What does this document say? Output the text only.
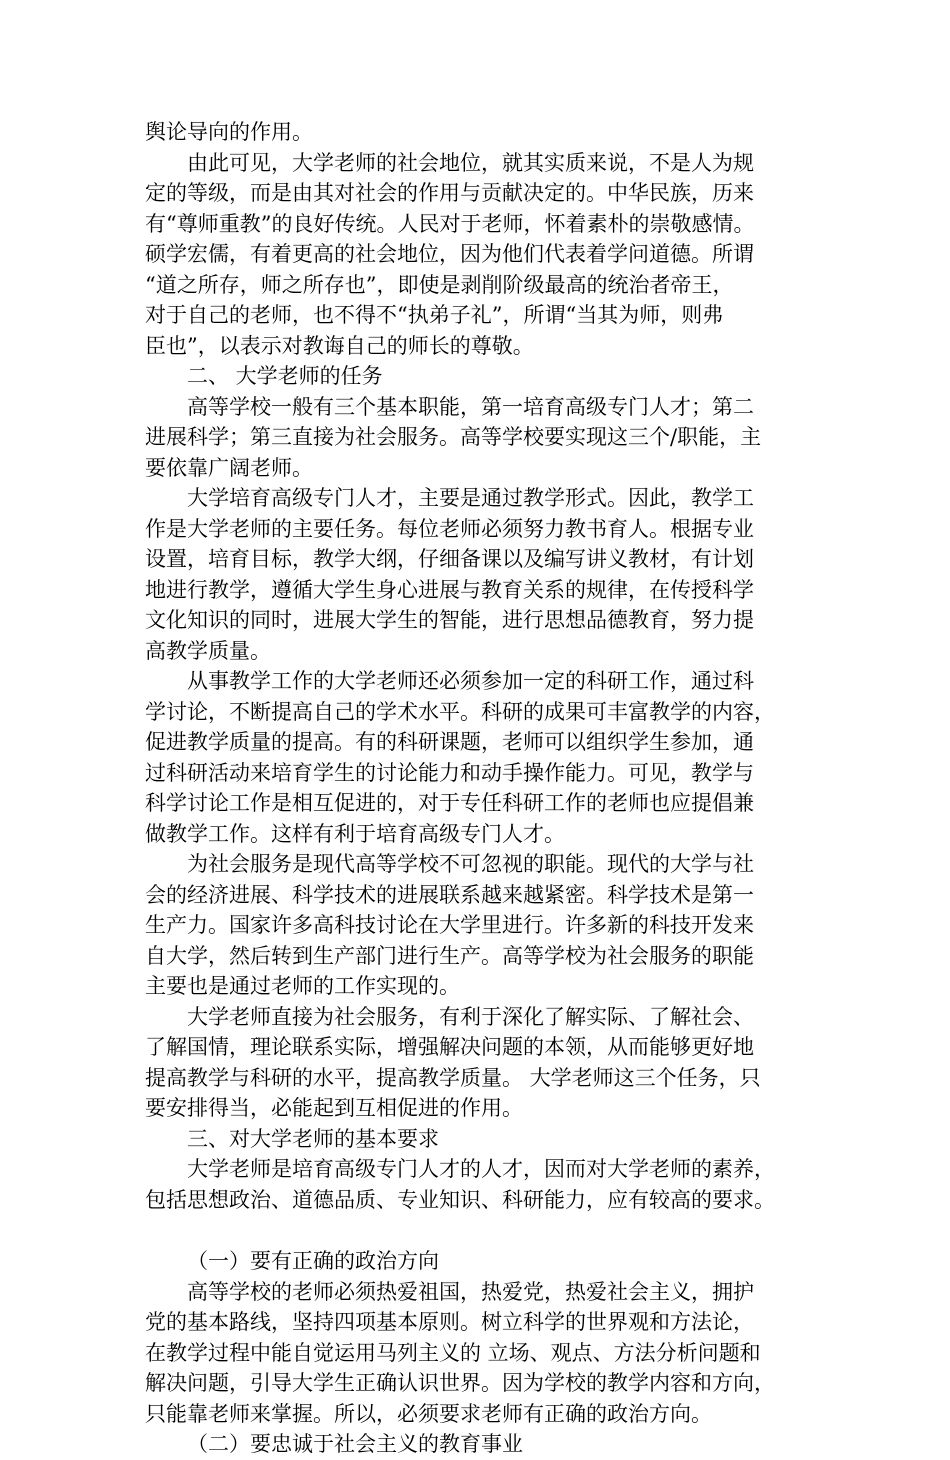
舆论导向的作用。
由此可见，大学老师的社会地位，就其实质来说，不是人为规
定的等级，而是由其对社会的作用与贡献决定的。中华民族，历来
有“尊师重教”的良好传统。人民对于老师，怀着素朴的崇敬感情。
硕学宏儒，有着更高的社会地位，因为他们代表着学问道德。所谓
“道之所存，师之所存也”，即使是剥削阶级最高的统治者帝王，
对于自己的老师，也不得不“执弟子礼”，所谓“当其为师，则弗
臣也”，以表示对教诲自己的师长的尊敬。
二、 大学老师的任务
高等学校一般有三个基本职能，第一培育高级专门人才；第二
进展科学；第三直接为社会服务。高等学校要实现这三个/职能，主
要依靠广阔老师。
大学培育高级专门人才，主要是通过教学形式。因此，教学工
作是大学老师的主要任务。每位老师必须努力教书育人。根据专业
设置，培育目标，教学大纲，仔细备课以及编写讲义教材，有计划
地进行教学，遵循大学生身心进展与教育关系的规律，在传授科学
文化知识的同时，进展大学生的智能，进行思想品德教育，努力提
高教学质量。
从事教学工作的大学老师还必须参加一定的科研工作，通过科
学讨论，不断提高自己的学术水平。科研的成果可丰富教学的内容，
促进教学质量的提高。有的科研课题，老师可以组织学生参加，通
过科研活动来培育学生的讨论能力和动手操作能力。可见，教学与
科学讨论工作是相互促进的，对于专任科研工作的老师也应提倡兼
做教学工作。这样有利于培育高级专门人才。
为社会服务是现代高等学校不可忽视的职能。现代的大学与社
会的经济进展、科学技术的进展联系越来越紧密。科学技术是第一
生产力。国家许多高科技讨论在大学里进行。许多新的科技开发来
自大学，然后转到生产部门进行生产。高等学校为社会服务的职能
主要也是通过老师的工作实现的。
大学老师直接为社会服务，有利于深化了解实际、了解社会、
了解国情，理论联系实际，增强解决问题的本领，从而能够更好地
提高教学与科研的水平，提高教学质量。 大学老师这三个任务，只
要安排得当，必能起到互相促进的作用。
三、对大学老师的基本要求
大学老师是培育高级专门人才的人才，因而对大学老师的素养，
包括思想政治、道德品质、专业知识、科研能力，应有较高的要求。
（一）要有正确的政治方向
高等学校的老师必须热爱祖国，热爱党，热爱社会主义，拥护
党的基本路线，坚持四项基本原则。树立科学的世界观和方法论，
在教学过程中能自觉运用马列主义的 立场、观点、方法分析问题和
解决问题，引导大学生正确认识世界。因为学校的教学内容和方向，
只能靠老师来掌握。所以，必须要求老师有正确的政治方向。
（二）要忠诚于社会主义的教育事业
